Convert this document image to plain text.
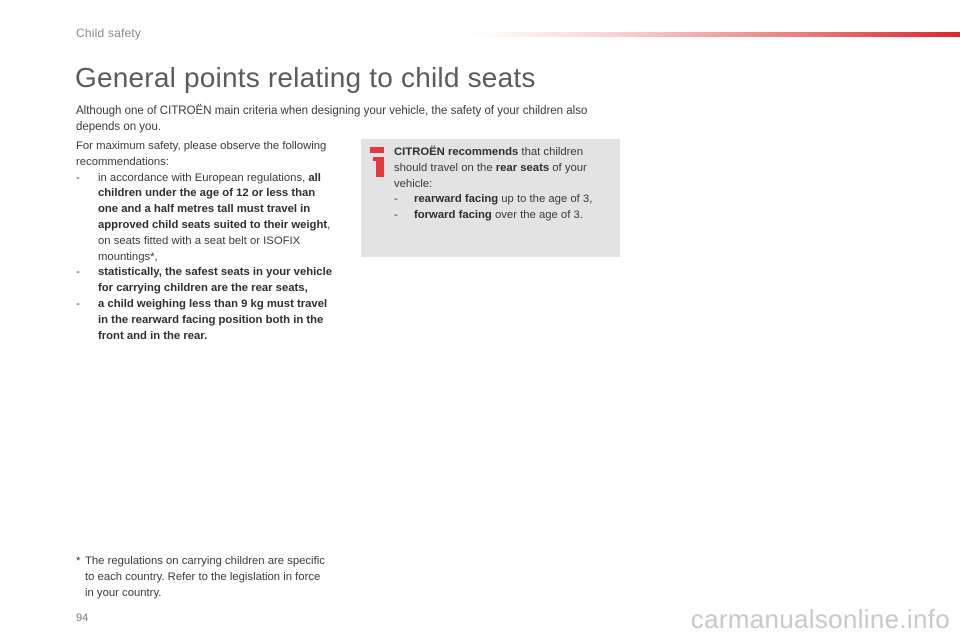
Child safety
General points relating to child seats

Although one of CITROËN main criteria when designing your vehicle, the safety of your children also depends on you.

For maximum safety, please observe the following recommendations:

- in accordance with European regulations, all children under the age of 12 or less than one and a half metres tall must travel in approved child seats suited to their weight, on seats fitted with a seat belt or ISOFIX mountings*,
- statistically, the safest seats in your vehicle for carrying children are the rear seats,
- a child weighing less than 9 kg must travel in the rearward facing position both in the front and in the rear.

CITROËN recommends that children should travel on the rear seats of your vehicle:

- rearward facing up to the age of 3,
- forward facing over the age of 3.
* The regulations on carrying children are specific to each country. Refer to the legislation in force in your country.
94	carmanualsonline.info
